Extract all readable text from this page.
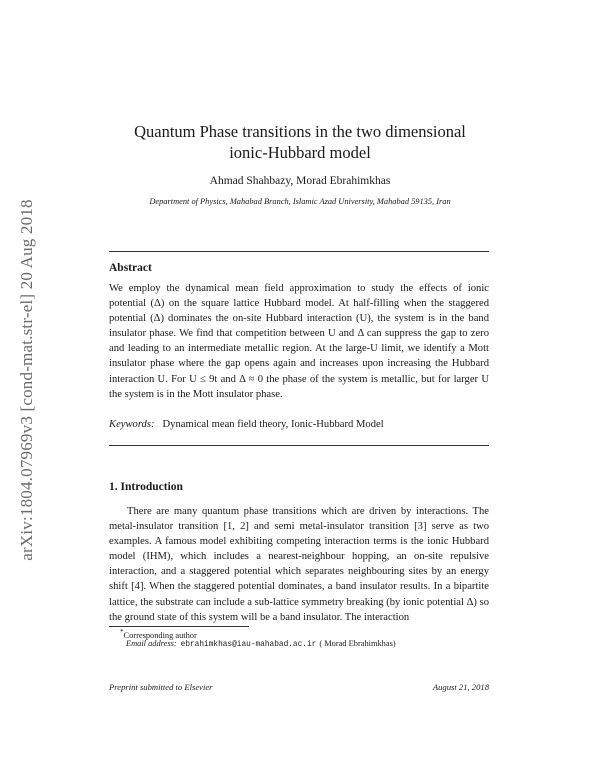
arXiv:1804.07969v3 [cond-mat.str-el] 20 Aug 2018
Quantum Phase transitions in the two dimensional
ionic-Hubbard model
Ahmad Shahbazy, Morad Ebrahimkhas
Department of Physics, Mahabad Branch, Islamic Azad University, Mahabad 59135, Iran
Abstract
We employ the dynamical mean field approximation to study the effects of ionic potential (Δ) on the square lattice Hubbard model. At half-filling when the staggered potential (Δ) dominates the on-site Hubbard interaction (U), the system is in the band insulator phase. We find that competition between U and Δ can suppress the gap to zero and leading to an intermediate metallic region. At the large-U limit, we identify a Mott insulator phase where the gap opens again and increases upon increasing the Hubbard interaction U. For U ≤ 9t and Δ ≈ 0 the phase of the system is metallic, but for larger U the system is in the Mott insulator phase.
Keywords: Dynamical mean field theory, Ionic-Hubbard Model
1. Introduction
There are many quantum phase transitions which are driven by interactions. The metal-insulator transition [1, 2] and semi metal-insulator transition [3] serve as two examples. A famous model exhibiting competing interaction terms is the ionic Hubbard model (IHM), which includes a nearest-neighbour hopping, an on-site repulsive interaction, and a staggered potential which separates neighbouring sites by an energy shift [4]. When the staggered potential dominates, a band insulator results. In a bipartite lattice, the substrate can include a sub-lattice symmetry breaking (by ionic potential Δ) so the ground state of this system will be a band insulator. The interaction
*Corresponding author
Email address: ebrahimkhas@iau-mahabad.ac.ir ( Morad Ebrahimkhas)
Preprint submitted to Elsevier	August 21, 2018
